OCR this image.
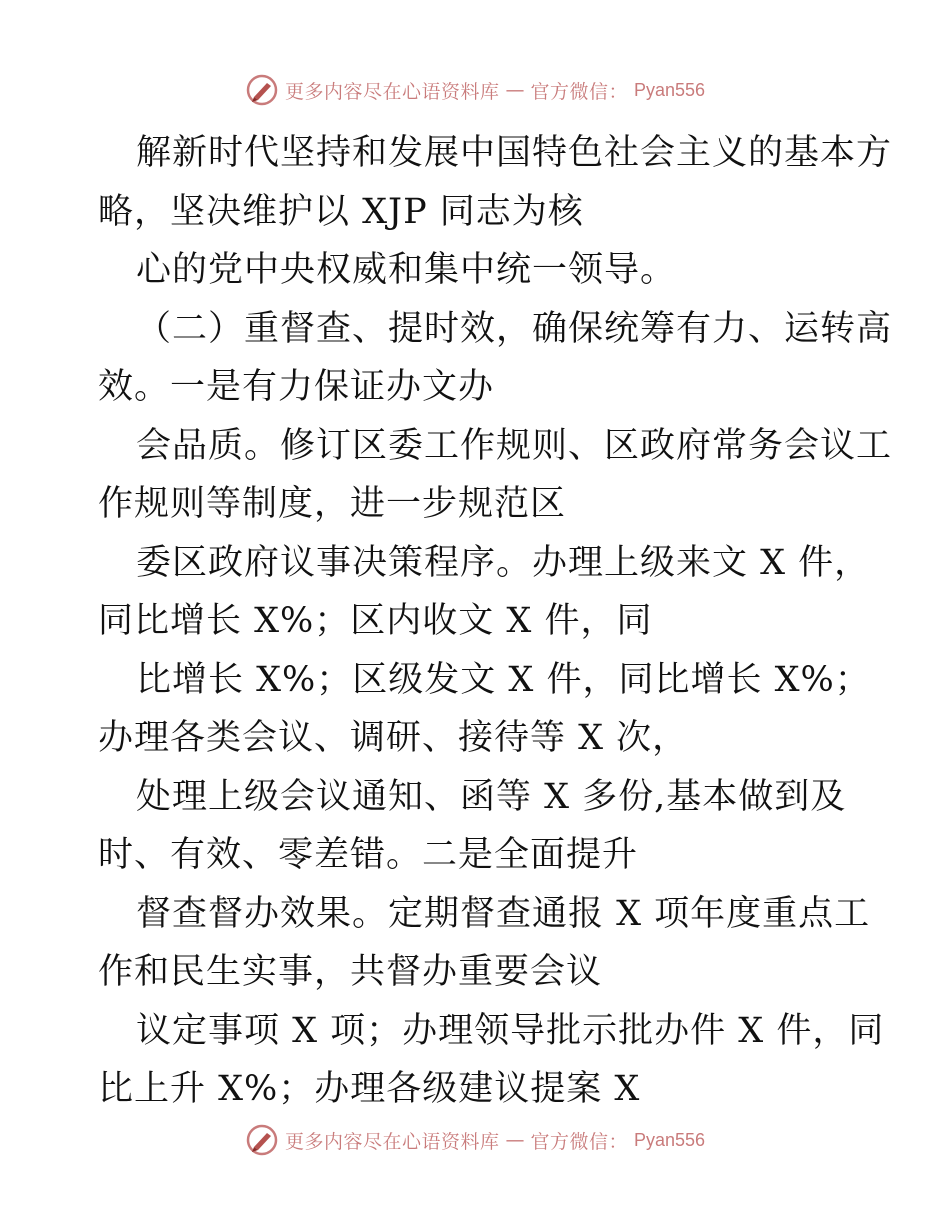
更多内容尽在心语资料库 — 官方微信： Pyan556
解新时代坚持和发展中国特色社会主义的基本方
略，坚决维护以 XJP 同志为核
心的党中央权威和集中统一领导。
（二）重督查、提时效，确保统筹有力、运转高
效。一是有力保证办文办
会品质。修订区委工作规则、区政府常务会议工
作规则等制度，进一步规范区
委区政府议事决策程序。办理上级来文 X 件，
同比增长 X%；区内收文 X 件，同
比增长 X%；区级发文 X 件，同比增长 X%；
办理各类会议、调研、接待等 X 次，
处理上级会议通知、函等 X 多份,基本做到及
时、有效、零差错。二是全面提升
督查督办效果。定期督查通报 X 项年度重点工
作和民生实事，共督办重要会议
议定事项 X 项；办理领导批示批办件 X 件，同
比上升 X%；办理各级建议提案 X
更多内容尽在心语资料库 — 官方微信： Pyan556
